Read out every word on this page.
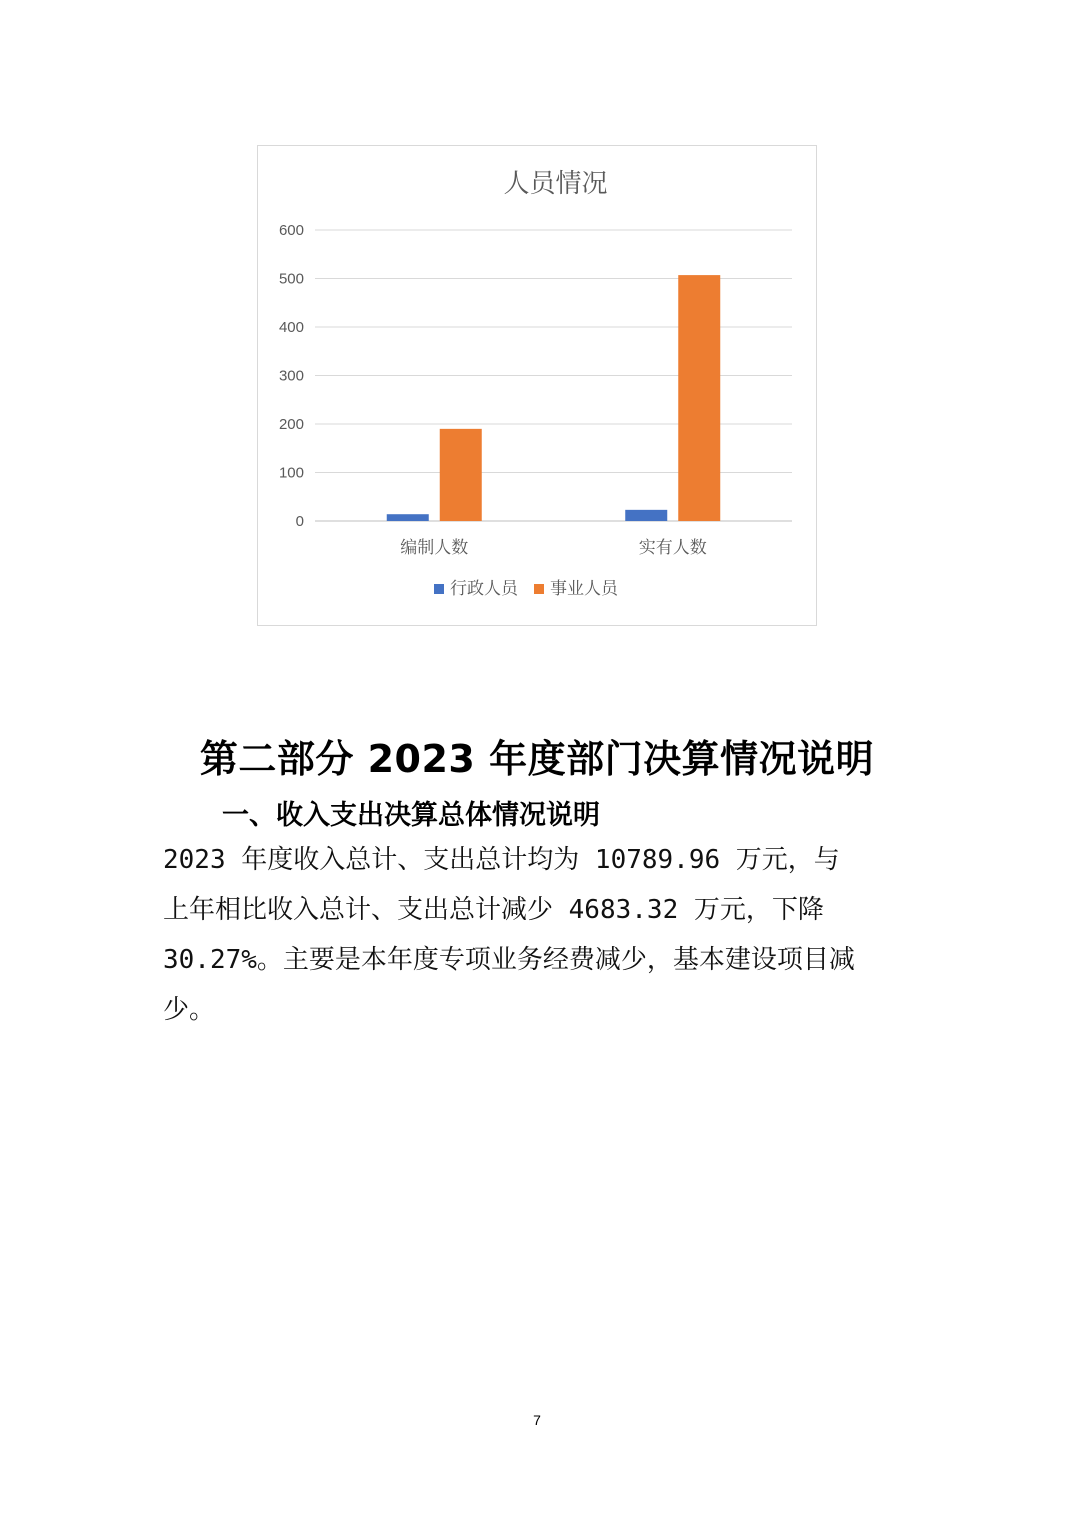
人员情况
0
100
200
300
400
500
600
编制人数	实有人数
行政人员 事业人员
第二部分 2023 年度部门决算情况说明
一、收入支出决算总体情况说明
2023 年度收入总计、支出总计均为 10789.96 万元，与
上年相比收入总计、支出总计减少 4683.32 万元，下降
30.27%。主要是本年度专项业务经费减少，基本建设项目减
少。
7
